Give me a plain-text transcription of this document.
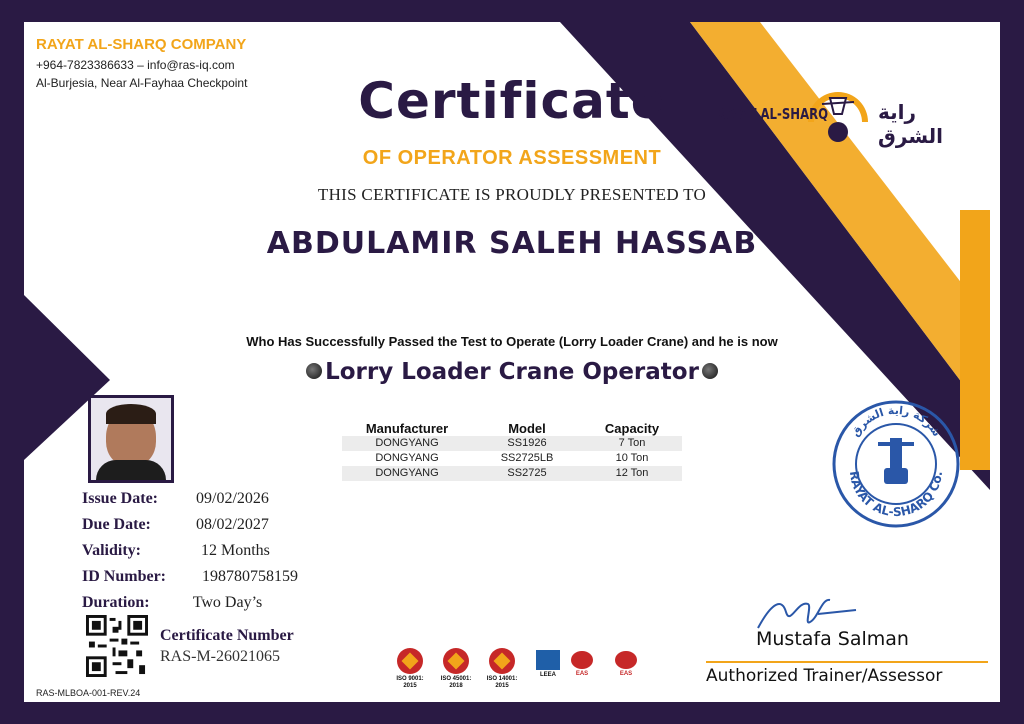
RAYAT AL-SHARQ COMPANY
+964-7823386633 – info@ras-iq.com
Al-Burjesia, Near Al-Fayhaa Checkpoint
RAYAT AL-SHARQ راية الشرق
Certificate
OF OPERATOR ASSESSMENT
THIS CERTIFICATE IS PROUDLY PRESENTED TO
ABDULAMIR SALEH HASSAB
Who Has Successfully Passed the Test to Operate (Lorry Loader Crane) and he is now
Lorry Loader Crane Operator
Issue Date: 09/02/2026
Due Date:	08/02/2027
Validity:	12 Months
ID Number: 198780758159
Duration:	Two Day’s
Manufacturer	Model	Capacity
DONGYANG	SS1926	7 Ton
DONGYANG	SS2725LB	10 Ton
DONGYANG	SS2725	12 Ton
Certificate Number
RAS-M-26021065
RAS-MLBOA-001-REV.24
ISO 9001: 2015
ISO 45001: 2018
ISO 14001: 2015
LEEA	EAS	EAS
RAYAT AL-SHARQ Co.
شركة راية الشرق
Mustafa Salman
Authorized Trainer/Assessor
